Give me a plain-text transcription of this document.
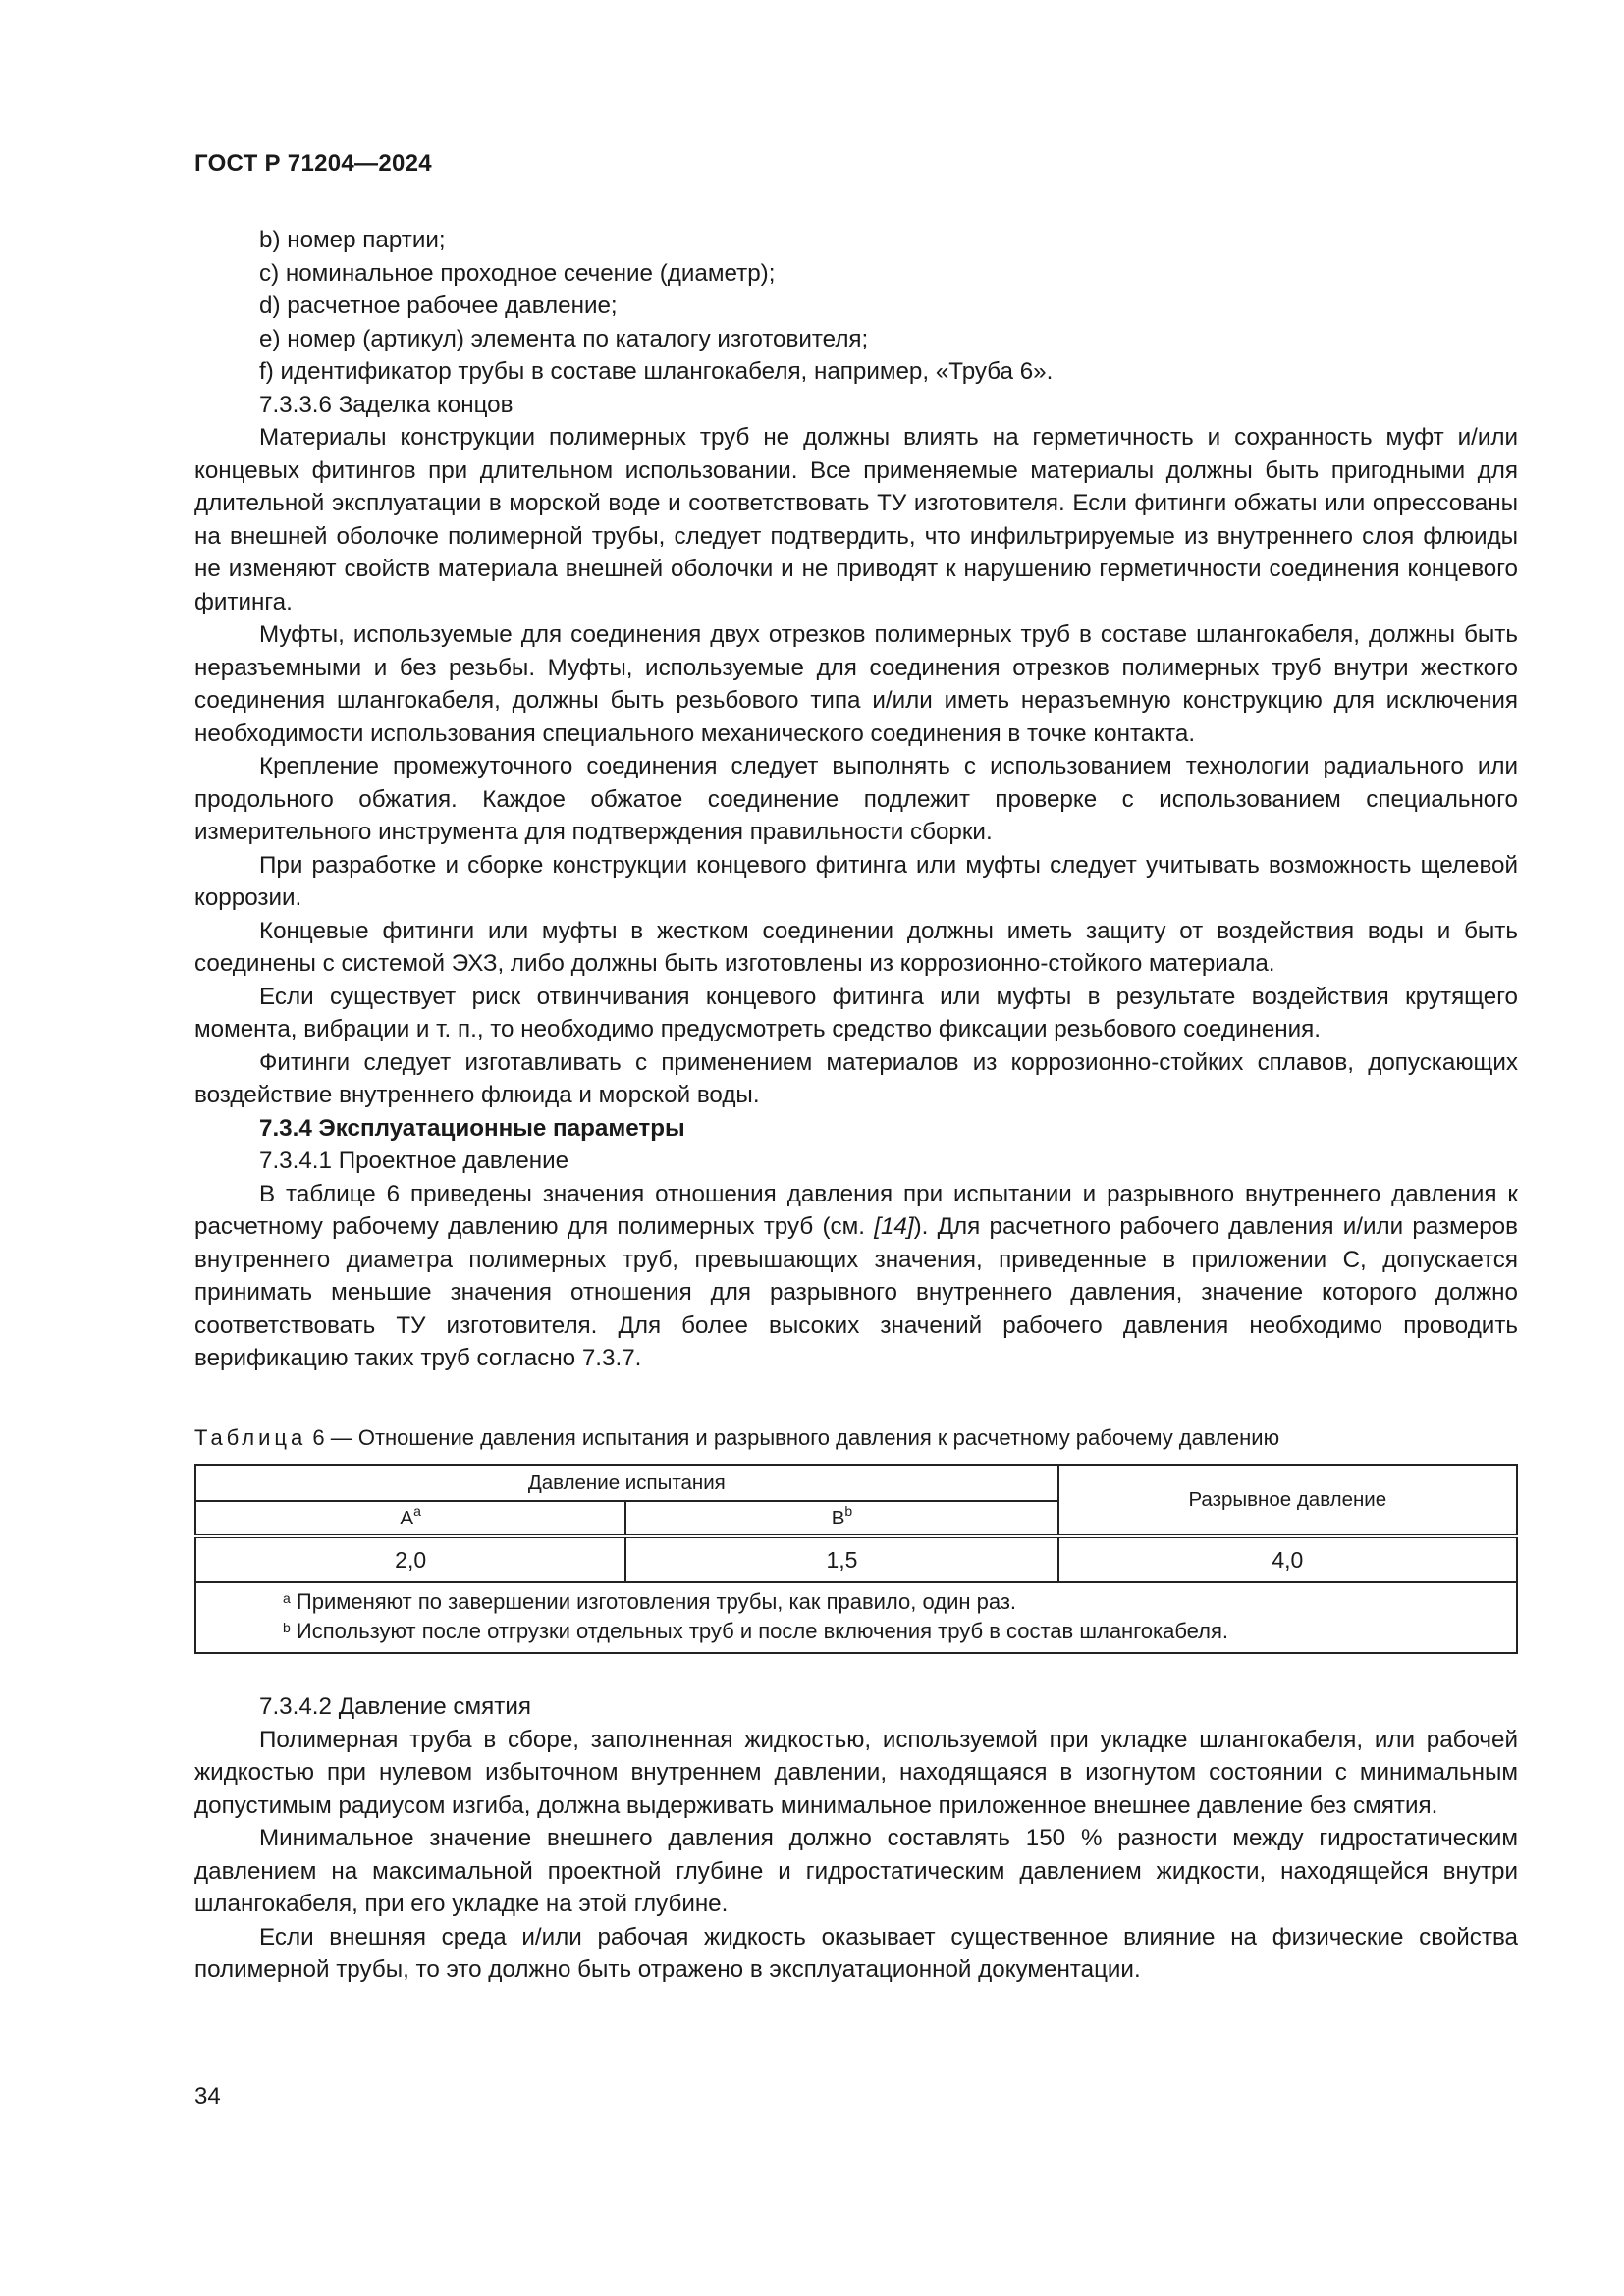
ГОСТ Р 71204—2024
b) номер партии;
c) номинальное проходное сечение (диаметр);
d) расчетное рабочее давление;
e) номер (артикул) элемента по каталогу изготовителя;
f) идентификатор трубы в составе шлангокабеля, например, «Труба 6».
7.3.3.6 Заделка концов

Материалы конструкции полимерных труб не должны влиять на герметичность и сохранность муфт и/или концевых фитингов при длительном использовании. Все применяемые материалы должны быть пригодными для длительной эксплуатации в морской воде и соответствовать ТУ изготовителя. Если фитинги обжаты или опрессованы на внешней оболочке полимерной трубы, следует подтвердить, что инфильтрируемые из внутреннего слоя флюиды не изменяют свойств материала внешней оболочки и не приводят к нарушению герметичности соединения концевого фитинга.

Муфты, используемые для соединения двух отрезков полимерных труб в составе шлангокабеля, должны быть неразъемными и без резьбы. Муфты, используемые для соединения отрезков полимерных труб внутри жесткого соединения шлангокабеля, должны быть резьбового типа и/или иметь неразъемную конструкцию для исключения необходимости использования специального механического соединения в точке контакта.

Крепление промежуточного соединения следует выполнять с использованием технологии радиального или продольного обжатия. Каждое обжатое соединение подлежит проверке с использованием специального измерительного инструмента для подтверждения правильности сборки.

При разработке и сборке конструкции концевого фитинга или муфты следует учитывать возможность щелевой коррозии.

Концевые фитинги или муфты в жестком соединении должны иметь защиту от воздействия воды и быть соединены с системой ЭХЗ, либо должны быть изготовлены из коррозионно-стойкого материала.

Если существует риск отвинчивания концевого фитинга или муфты в результате воздействия крутящего момента, вибрации и т. п., то необходимо предусмотреть средство фиксации резьбового соединения.

Фитинги следует изготавливать с применением материалов из коррозионно-стойких сплавов, допускающих воздействие внутреннего флюида и морской воды.

7.3.4 Эксплуатационные параметры
7.3.4.1 Проектное давление

В таблице 6 приведены значения отношения давления при испытании и разрывного внутреннего давления к расчетному рабочему давлению для полимерных труб (см. [14]). Для расчетного рабочего давления и/или размеров внутреннего диаметра полимерных труб, превышающих значения, приведенные в приложении С, допускается принимать меньшие значения отношения для разрывного внутреннего давления, значение которого должно соответствовать ТУ изготовителя. Для более высоких значений рабочего давления необходимо проводить верификацию таких труб согласно 7.3.7.

Таблица 6 — Отношение давления испытания и разрывного давления к расчетному рабочему давлению
Давление испытания		Разрывное давление
$A^a$	$B^b$
2,0	1,5	4,0

$^a$ Применяют по завершении изготовления трубы, как правило, один раз.
$^b$ Используют после отгрузки отдельных труб и после включения труб в состав шлангокабеля.		
7.3.4.2 Давление смятия

Полимерная труба в сборе, заполненная жидкостью, используемой при укладке шлангокабеля, или рабочей жидкостью при нулевом избыточном внутреннем давлении, находящаяся в изогнутом состоянии с минимальным допустимым радиусом изгиба, должна выдерживать минимальное приложенное внешнее давление без смятия.

Минимальное значение внешнего давления должно составлять 150 % разности между гидростатическим давлением на максимальной проектной глубине и гидростатическим давлением жидкости, находящейся внутри шлангокабеля, при его укладке на этой глубине.

Если внешняя среда и/или рабочая жидкость оказывает существенное влияние на физические свойства полимерной трубы, то это должно быть отражено в эксплуатационной документации.

34
